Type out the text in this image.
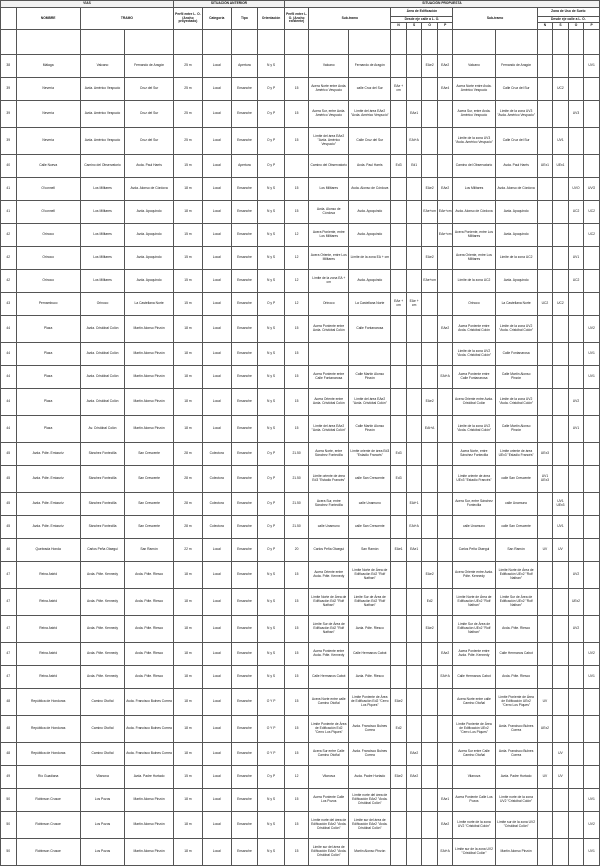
VÍAS				SITUACIÓN ANTERIOR				SITUACIÓN PROPUESTA												
	NOMBRE	TRAMO		Perfil entre L. O. (Ancho proyectado)	Categoría	Tipo	Orientación	Perfil entre L. O. (Ancho existente)	Sub-tramo		Área de Edificación				Sub-tramo		Zona de Uso de Suelo			
											Desde eje calle a L. O.						Desde eje calle a L. O.			
											N	S	O	P			N	S	O	P

38	Málaga	Valcano	Fernando de Aragón	25 m	Local	Apertura	N y S		Valcano	Fernando de Aragón			EAe2	EAe2	Valcano	Fernando de Aragón				UV1
39	Nevería	Avda. Américo Vespucio	Cruz del Sur	25 m	Local	Ensanche	O y P	15	Acera Norte entre Avda. Américo Vespucio	calle Cruz del Sur	EAe + cm			EAe4	Acera Norte entre Avda. Américo Vespucio	Calle Cruz del Sur		UC2		
39	Nevería	Avda. Américo Vespucio	Cruz del Sur	25 m	Local	Ensanche	O y P	15	Acera Sur, entre Avda. Américo Vespucio	Límite del área EAe2 "Avda. Américo Vespucio"		EAe1			Acera Sur, entre Avda. Américo Vespucio	Límite de la zona UV3 "Avda. Américo Vespucio"			UV3	
39	Nevería	Avda. Américo Vespucio	Cruz del Sur	25 m	Local	Ensanche	O y P	15	Límite del área EAe2 "Avda. Américo Vespucio"	Calle Cruz del Sur		EAt+A			Límite de la zona UV3 "Avda. Américo Vespucio"	Calle Cruz del Sur		UV1		
40	Calle Nueva	Camino del Observatorio	Avda. Paul Harris	15 m	Local	Apertura	O y P		Camino del Observatorio	Avda. Paul Harris	Ed3	Ed1			Camino del Observatorio	Avda. Paul Harris	UEx1	UEx1		
41	O'connell	Los Militares	Avda. Alonso de Córdova	18 m	Local	Ensanche	N y S	15	Los Militares	Avda. Alonso de Córdova			EAe2	EAe2	Los Militares	Avda. Alonso de Córdova			UVO	UVO
41	O'connell	Los Militares	Avda. Apoquindo	18 m	Local	Ensanche	N y S	15	Avda. Alonso de Córdova	Avda. Apoquindo			EAe+cm	EAe+cm	Avda. Alonso de Córdova	Avda. Apoquindo			UC2	UC2
42	Orinoco	Los Militares	Avda. Apoquindo	15 m	Local	Ensanche	N y S	12	Acera Poniente, entre Los Militares	Avda. Apoquindo				EAe+cm	Acera Poniente, entre Los Militares	Avda. Apoquindo				UC2
42	Orinoco	Los Militares	Avda. Apoquindo	15 m	Local	Ensanche	N y S	12	Acera Oriente, entre Los Militares	Límite de la zona EA + cm			EAe2		Acera Oriente, entre Los Militares	Límite de la zona UC2			UV1	
42	Orinoco	Los Militares	Avda. Apoquindo	15 m	Local	Ensanche	N y S	12	Límite de la zona EA + cm	Avda. Apoquindo			EAe+cm		Límite de la zona UC2	Avda. Apoquindo			UC2	
43	Pernambuco	Orinoco	La Castellana Norte	15 m	Local	Ensanche	O y P	12	Orinoco	La Castellana Norte	EAe + cm	EAe + cm			Orinoco	La Castellana Norte	UC2	UC2		
44	Plaza	Avda. Cristóbal Colón	Martín Alonso Pinzón	18 m	Local	Ensanche	N y S	15	Acera Poniente entre Avda. Cristóbal Colón	Calle Fontanarosa				EAe2	Acera Poniente entre Avda. Cristóbal Colón	Límite de la zona UV2 "Avda. Cristóbal Colón"				UV2
44	Plaza	Avda. Cristóbal Colón	Martín Alonso Pinzón	18 m	Local	Ensanche	N y S	15							Límite de la zona UV2 "Avda. Cristóbal Colón"	Calle Fontanarosa				UV1
44	Plaza	Avda. Cristóbal Colón	Martín Alonso Pinzón	18 m	Local	Ensanche	N y S	15	Acera Poniente entre Calle Fontanarosa	Calle Martín Alonso Pinzón				EAt+A	Acera Poniente entre Calle Fontanarosa	Calle Martín Alonso Pinzón				UV1
44	Plaza	Avda. Cristóbal Colón	Martín Alonso Pinzón	18 m	Local	Ensanche	N y S	15	Acera Oriente entre Avda. Cristóbal Colón	Límite del área EAe2 "Avda. Cristóbal Colón"			EAe2		Acera Oriente entre Avda. Cristóbal Colón	Límite de la zona UV2 "Avda. Cristóbal Colón"			UV2	
44	Plaza	Av. Cristóbal Colón	Martín Alonso Pinzón	18 m	Local	Ensanche	N y S	15	Límite del área EAe2 "Avda. Cristóbal Colón"	Calle Martín Alonso Pinzón			EAt+A		Límite de la zona UV2 "Avda. Cristóbal Colón"	Calle Martín Alonso Pinzón			UV1	
45	Avda. Pdte. Errázuriz	Sánchez Fontecilla	San Crescente	28 m	Colectora	Ensanche	O y P	21.50	Acera Norte, entre Sánchez Fontecilla	Límite oriente de área Ed3 "Estadio Francés"	Ed3				Acera Norte, entre Sánchez Fontecilla	Límite oriente de área UEx3 "Estadio Francés"	UEx3			
45	Avda. Pdte. Errázuriz	Sánchez Fontecilla	San Crescente	28 m	Colectora	Ensanche	O y P	21.50	Límite oriente de área Ed3 "Estadio Francés"	calle San Crescente	Ed3				Límite oriente de área UEx3 "Estadio Francés"	calle San Crescente	UV1 UEx3			
45	Avda. Pdte. Errázuriz	Sánchez Fontecilla	San Crescente	28 m	Colectora	Ensanche	O y P	21.50	Acera Sur, entre Sánchez Fontecilla	calle Unamuno		EAt+1			Acera Sur, entre Sánchez Fontecilla	calle Unamuno		UV1 UEx3		
45	Avda. Pdte. Errázuriz	Sánchez Fontecilla	San Crescente	28 m	Colectora	Ensanche	O y P	21.50	calle Unamuno	calle San Crescente		EAt+A			calle Unamuno	calle San Crescente		UV1		
46	Quebrada Honda	Carlos Peña Otaegui	San Ramón	22 m	Local	Ensanche	O y P	20	Carlos Peña Otaegui	San Ramón	EAe1	EAe1			Carlos Peña Otaegui	San Ramón	UV	UV		
47	Reina Astrid	Avda. Pdte. Kennedy	Avda. Pdte. Riesco	18 m	Local	Ensanche	N y S	15	Acera Oriente entre Avda. Pdte. Kennedy	Límite Norte de Área de Edificación Ed2 "Rolf Nathan"			EAe2		Acera Oriente entre Avda. Pdte. Kennedy	Límite Norte de Área de Edificación UEx2 "Rolf Nathan"			UV2	
47	Reina Astrid	Avda. Pdte. Kennedy	Avda. Pdte. Riesco	18 m	Local	Ensanche	N y S	15	Límite Norte de Área de Edificación Ed2 "Rolf Nathan"	Límite Sur de Área de Edificación Ed2 "Rolf Nathan"			Ed2		Límite Norte de Área de Edificación UEx2 "Rolf Nathan"	Límite Sur de Área de Edificación UEx2 "Rolf Nathan"			UEx2	
47	Reina Astrid	Avda. Pdte. Kennedy	Avda. Pdte. Riesco	18 m	Local	Ensanche	N y S	15	Límite Sur de Área de Edificación Ed2 "Rolf Nathan"	Avda. Pdte. Riesco			EAe2		Límite Sur de Área de Edificación UEx2 "Rolf Nathan"	Avda. Pdte. Riesco			UV2	
47	Reina Astrid	Avda. Pdte. Kennedy	Avda. Pdte. Riesco	18 m	Local	Ensanche	N y S	15	Acera Poniente entre Avda. Pdte. Kennedy	Calle Hermanos Cabot				EAe2	Acera Poniente entre Avda. Pdte. Kennedy	Calle Hermanos Cabot				UV2
47	Reina Astrid	Avda. Pdte. Kennedy	Avda. Pdte. Riesco	18 m	Local	Ensanche	N y S	15	Calle Hermanos Cabot	Avda. Pdte. Riesco				EAt+A	Calle Hermanos Cabot	Avda. Pdte. Riesco				UV1
48	República de Honduras	Camino Otoñal	Avda. Francisco Bulnes Correa	18 m	Local	Ensanche	O Y P	15	Acera Norte entre calle Camino Otoñal	Límite Poniente de Área de Edificación Ed2 "Cerro Los Piques"	EAe2				Acera Norte entre calle Camino Otoñal	Límite Poniente de Área de Edificación UEx2 "Cerro Los Piques"	UV			
48	República de Honduras	Camino Otoñal	Avda. Francisco Bulnes Correa	18 m	Local	Ensanche	O Y P	15	Límite Poniente de Área de Edificación Ed2 "Cerro Los Piques"	Avda. Francisco Bulnes Correa	Ed2				Límite Poniente de Área de Edificación UEx2 "Cerro Los Piques"	Avda. Francisco Bulnes Correa	UEx2			
48	República de Honduras	Camino Otoñal	Avda. Francisco Bulnes Correa	18 m	Local	Ensanche	O Y P	15	Acera Sur entre Calle Camino Otoñal	Avda. Francisco Bulnes Correa		EAe2			Acera Sur entre Calle Camino Otoñal	Avda. Francisco Bulnes Correa		UV		
49	Río Guadiana	Vilanova	Avda. Padre Hurtado	15 m	Local	Ensanche	O y P	12	Vilanova	Avda. Padre Hurtado	EAe2	EAe2			Vilanova	Avda. Padre Hurtado	UV	UV		
50	Robinson Crusoe	Los Pozos	Martín Alonso Pinzón	18 m	Local	Ensanche	N y S	15	Acera Poniente Calle Los Pozos	Límite norte del área de Edificación EAe2 "Avda. Cristóbal Colón"				EAe1	Acera Poniente Calle Los Pozos	Límite norte de la zona UV2 "Cristóbal Colón"				UV1
50	Robinson Crusoe	Los Pozos	Martín Alonso Pinzón	18 m	Local	Ensanche	N y S	15	Límite norte del área de Edificación EAe2 "Avda. Cristóbal Colón"	Límite sur del área de Edificación EAe2 "Avda. Cristóbal Colón"				EAe2	Límite norte de la zona UV2 "Cristóbal Colón"	Límite sur de la zona UV2 "Cristóbal Colón"				UV2
50	Robinson Crusoe	Los Pozos	Martín Alonso Pinzón	18 m	Local	Ensanche	N y S	15	Límite sur del área de Edificación EAe2 "Avda. Cristóbal Colón"	Martín Alonso Pinzón				EAt+A	Límite sur de la zona UV2 "Cristóbal Colón"	Martín Alonso Pinzón				UV1
